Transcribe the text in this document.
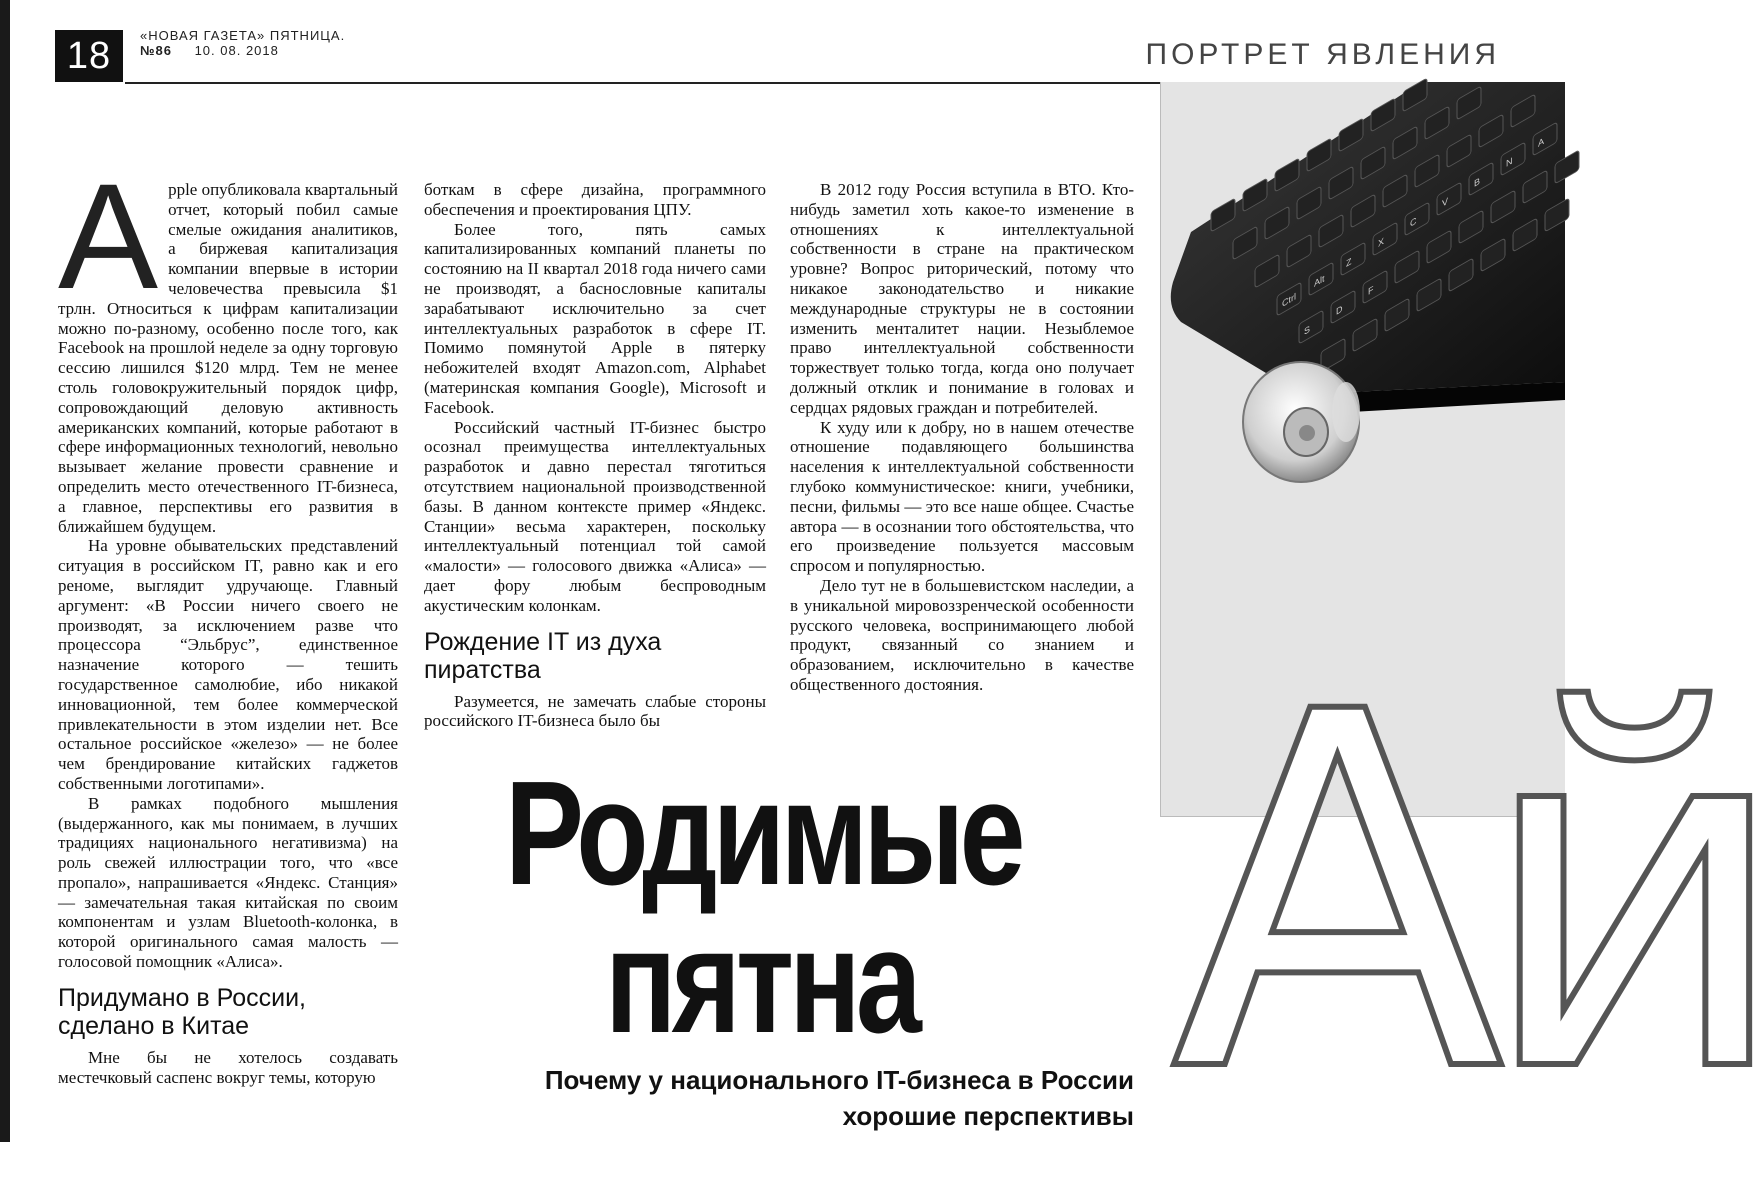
18	«НОВАЯ ГАЗЕТА» ПЯТНИЦА.
№86 10. 08. 2018	ПОРТРЕТ ЯВЛЕНИЯ
Ctrl
Alt
Z
X
C
V
B
N
A
S
D
F
А pple опубликовала квартальный отчет, который побил самые смелые ожидания аналитиков, а биржевая капитализация компании впервые в истории человечества превысила $1 трлн. Относиться к цифрам капитализации можно по-разному, особенно после того, как Facebook на прошлой неделе за одну торговую сессию лишился $120 млрд. Тем не менее столь головокружительный порядок цифр, сопровождающий деловую активность американских компаний, которые работают в сфере информационных технологий, невольно вызывает желание провести сравнение и определить место отечественного IT-бизнеса, а главное, перспективы его развития в ближайшем будущем.

На уровне обывательских представлений ситуация в российском IT, равно как и его реноме, выглядит удручающе. Главный аргумент: «В России ничего своего не производят, за исключением разве что процессора “Эльбрус”, единственное назначение которого — тешить государственное самолюбие, ибо никакой инновационной, тем более коммерческой привлекательности в этом изделии нет. Все остальное российское «железо» — не более чем брендирование китайских гаджетов собственными логотипами».

В рамках подобного мышления (выдержанного, как мы понимаем, в лучших традициях национального негативизма) на роль свежей иллюстрации того, что «все пропало», напрашивается «Яндекс. Станция» — замечательная такая китайская по своим компонентам и узлам Bluetooth-колонка, в которой оригинального самая малость — голосовой помощник «Алиса».

Придумано в России, сделано в Китае

Мне бы не хотелось создавать местечковый саспенс вокруг темы, которую

боткам в сфере дизайна, программного обеспечения и проектирования ЦПУ.

Более того, пять самых капитализированных компаний планеты по состоянию на II квартал 2018 года ничего сами не производят, а баснословные капиталы зарабатывают исключительно за счет интеллектуальных разработок в сфере IT. Помимо помянутой Apple в пятерку небожителей входят Amazon.com, Alphabet (материнская компания Google), Microsoft и Facebook.

Российский частный IT-бизнес быстро осознал преимущества интеллектуальных разработок и давно перестал тяготиться отсутствием национальной производственной базы. В данном контексте пример «Яндекс. Станции» весьма характерен, поскольку интеллектуальный потенциал той самой «малости» — голосового движка «Алиса» — дает фору любым беспроводным акустическим колонкам.

Рождение IT из духа пиратства

Разумеется, не замечать слабые стороны российского IT-бизнеса было бы

В 2012 году Россия вступила в ВТО. Кто-нибудь заметил хоть какое-то изменение в отношениях к интеллектуальной собственности в стране на практическом уровне? Вопрос риторический, потому что никакое законодательство и никакие международные структуры не в состоянии изменить менталитет нации. Незыблемое право интеллектуальной собственности торжествует только тогда, когда оно получает должный отклик и понимание в головах и сердцах рядовых граждан и потребителей.

К худу или к добру, но в нашем отечестве отношение подавляющего большинства населения к интеллектуальной собственности глубоко коммунистическое: книги, учебники, песни, фильмы — это все наше общее. Счастье автора — в осознании того обстоятельства, что его произведение пользуется массовым спросом и популярностью.

Дело тут не в большевистском наследии, а в уникальной мировоззренческой особенности русского человека, воспринимающего любой продукт, связанный со знанием и образованием, исключительно в качестве общественного достояния.

Родимые
пятна
Почему у национального IT-бизнеса в России
хорошие перспективы Ай
